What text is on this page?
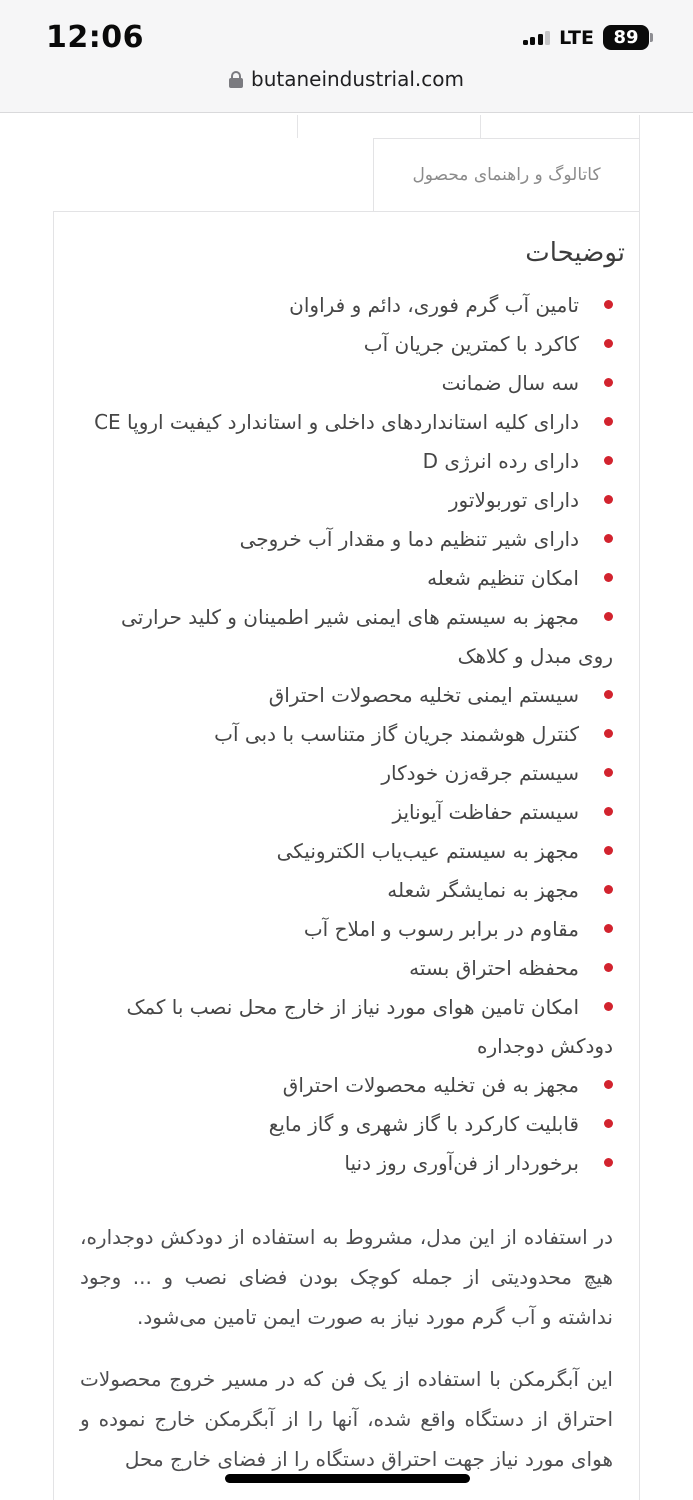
12:06	LTE	89
butaneindustrial.com
کاتالوگ و راهنمای محصول
توضیحات
تامین آب گرم فوری، دائم و فراوان
کاکرد با کمترین جریان آب
سه سال ضمانت
دارای کلیه استانداردهای داخلی و استاندارد کیفیت اروپا CE
دارای رده انرژی D
دارای توربولاتور
دارای شیر تنظیم دما و مقدار آب خروجی
امکان تنظیم شعله
مجهز به سیستم های ایمنی شیر اطمینان و کلید حرارتی روی مبدل و کلاهک
سیستم ایمنی تخلیه محصولات احتراق
کنترل هوشمند جریان گاز متناسب با دبی آب
سیستم جرقه‌زن خودکار
سیستم حفاظت آیونایز
مجهز به سیستم عیب‌یاب الکترونیکی
مجهز به نمایشگر شعله
مقاوم در برابر رسوب و املاح آب
محفظه احتراق بسته
امکان تامین هوای مورد نیاز از خارج محل نصب با کمک دودکش دوجداره
مجهز به فن تخلیه محصولات احتراق
قابلیت کارکرد با گاز شهری و گاز مایع
برخوردار از فن‌آوری روز دنیا

در استفاده از این مدل، مشروط به استفاده از دودکش دوجداره، هیچ محدودیتی از جمله کوچک بودن فضای نصب و ... وجود نداشته و آب گرم مورد نیاز به صورت ایمن تامین می‌شود.

این آبگرمکن با استفاده از یک فن که در مسیر خروج محصولات احتراق از دستگاه واقع شده، آنها را از آبگرمکن خارج نموده و هوای مورد نیاز جهت احتراق دستگاه را از فضای خارج محل
